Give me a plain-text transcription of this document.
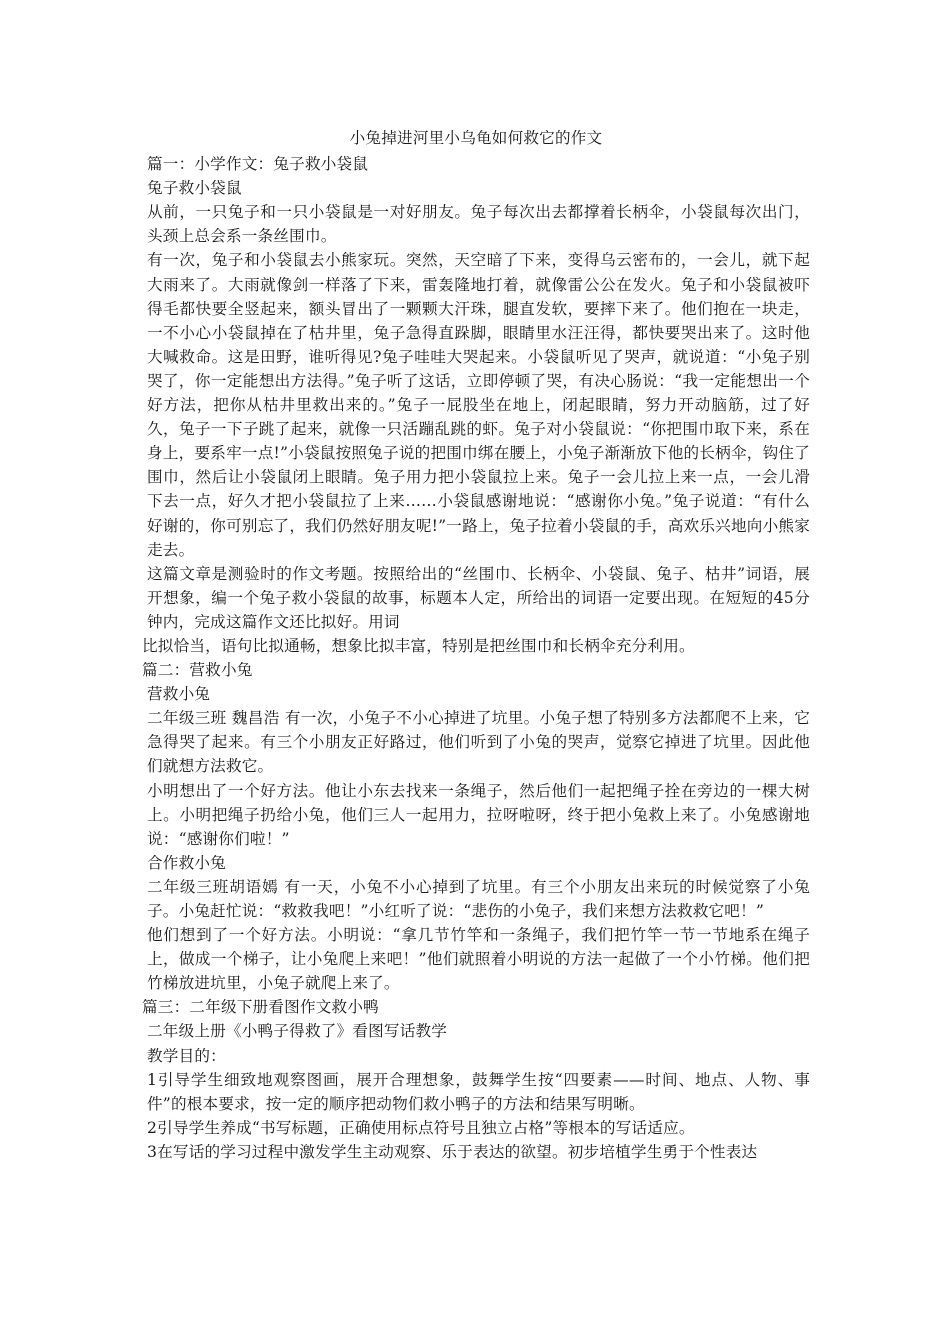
小兔掉进河里小乌龟如何救它的作文

篇一：小学作文：兔子救小袋鼠

兔子救小袋鼠

从前，一只兔子和一只小袋鼠是一对好朋友。兔子每次出去都撑着长柄伞，小袋鼠每次出门，头颈上总会系一条丝围巾。

有一次，兔子和小袋鼠去小熊家玩。突然，天空暗了下来，变得乌云密布的，一会儿，就下起大雨来了。大雨就像剑一样落了下来，雷轰隆地打着，就像雷公公在发火。兔子和小袋鼠被吓得毛都快要全竖起来，额头冒出了一颗颗大汗珠，腿直发软，要摔下来了。他们抱在一块走，一不小心小袋鼠掉在了枯井里，兔子急得直跺脚，眼睛里水汪汪得，都快要哭出来了。这时他大喊救命。这是田野，谁听得见?兔子哇哇大哭起来。小袋鼠听见了哭声，就说道：“小兔子别哭了，你一定能想出方法得。”兔子听了这话，立即停顿了哭，有决心肠说：“我一定能想出一个好方法，把你从枯井里救出来的。”兔子一屁股坐在地上，闭起眼睛，努力开动脑筋，过了好久，兔子一下子跳了起来，就像一只活蹦乱跳的虾。兔子对小袋鼠说：“你把围巾取下来，系在身上，要系牢一点!”小袋鼠按照兔子说的把围巾绑在腰上，小兔子渐渐放下他的长柄伞，钩住了围巾，然后让小袋鼠闭上眼睛。兔子用力把小袋鼠拉上来。兔子一会儿拉上来一点，一会儿滑下去一点，好久才把小袋鼠拉了上来……小袋鼠感谢地说：“感谢你小兔。”兔子说道：“有什么好谢的，你可别忘了，我们仍然好朋友呢!”一路上，兔子拉着小袋鼠的手，高欢乐兴地向小熊家走去。

这篇文章是测验时的作文考题。按照给出的“丝围巾、长柄伞、小袋鼠、兔子、枯井”词语，展开想象，编一个兔子救小袋鼠的故事，标题本人定，所给出的词语一定要出现。在短短的45分钟内，完成这篇作文还比拟好。用词

比拟恰当，语句比拟通畅，想象比拟丰富，特别是把丝围巾和长柄伞充分利用。

篇二：营救小兔

营救小兔

二年级三班 魏昌浩 有一次，小兔子不小心掉进了坑里。小兔子想了特别多方法都爬不上来，它急得哭了起来。有三个小朋友正好路过，他们听到了小兔的哭声，觉察它掉进了坑里。因此他们就想方法救它。

小明想出了一个好方法。他让小东去找来一条绳子，然后他们一起把绳子拴在旁边的一棵大树上。小明把绳子扔给小兔，他们三人一起用力，拉呀啦呀，终于把小兔救上来了。小兔感谢地说：“感谢你们啦！”

合作救小兔

二年级三班胡语嫣 有一天，小兔不小心掉到了坑里。有三个小朋友出来玩的时候觉察了小兔子。小兔赶忙说：“救救我吧！”小红听了说：“悲伤的小兔子，我们来想方法救救它吧！”

他们想到了一个好方法。小明说：“拿几节竹竿和一条绳子，我们把竹竿一节一节地系在绳子上，做成一个梯子，让小兔爬上来吧！”他们就照着小明说的方法一起做了一个小竹梯。他们把竹梯放进坑里，小兔子就爬上来了。

篇三：二年级下册看图作文救小鸭

二年级上册《小鸭子得救了》看图写话教学

教学目的：

1引导学生细致地观察图画，展开合理想象，鼓舞学生按“四要素——时间、地点、人物、事件”的根本要求，按一定的顺序把动物们救小鸭子的方法和结果写明晰。

2引导学生养成“书写标题，正确使用标点符号且独立占格”等根本的写话适应。

3在写话的学习过程中激发学生主动观察、乐于表达的欲望。初步培植学生勇于个性表达
